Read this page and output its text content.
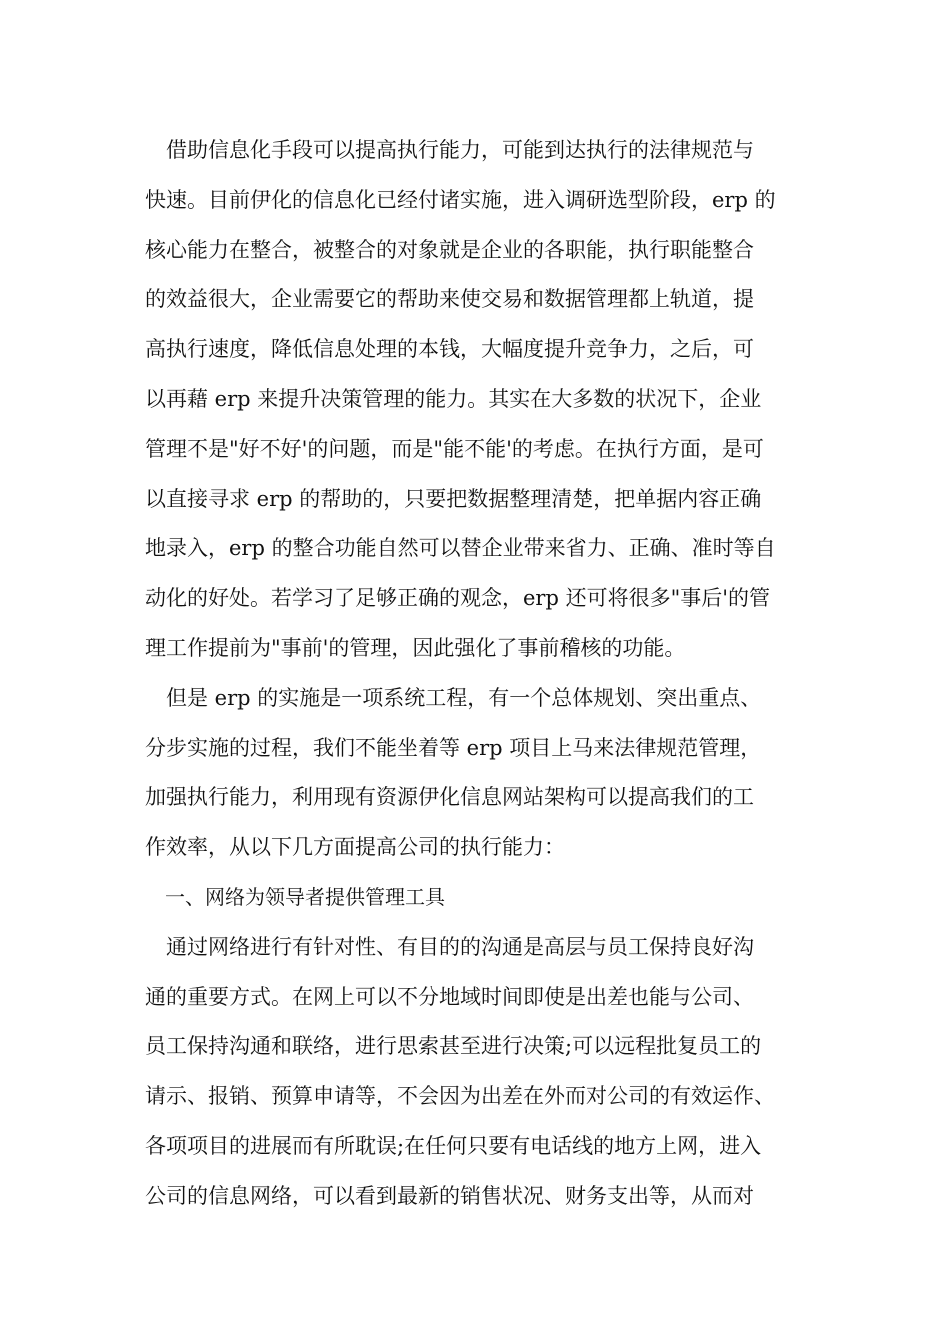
　借助信息化手段可以提高执行能力，可能到达执行的法律规范与
快速。目前伊化的信息化已经付诸实施，进入调研选型阶段，erp 的
核心能力在整合，被整合的对象就是企业的各职能，执行职能整合
的效益很大，企业需要它的帮助来使交易和数据管理都上轨道，提
高执行速度，降低信息处理的本钱，大幅度提升竞争力，之后，可
以再藉 erp 来提升决策管理的能力。其实在大多数的状况下，企业
管理不是"好不好'的问题，而是"能不能'的考虑。在执行方面，是可
以直接寻求 erp 的帮助的，只要把数据整理清楚，把单据内容正确
地录入，erp 的整合功能自然可以替企业带来省力、正确、准时等自
动化的好处。若学习了足够正确的观念，erp 还可将很多"事后'的管
理工作提前为"事前'的管理，因此强化了事前稽核的功能。
　但是 erp 的实施是一项系统工程，有一个总体规划、突出重点、
分步实施的过程，我们不能坐着等 erp 项目上马来法律规范管理，
加强执行能力，利用现有资源伊化信息网站架构可以提高我们的工
作效率，从以下几方面提高公司的执行能力：
　一、网络为领导者提供管理工具
　通过网络进行有针对性、有目的的沟通是高层与员工保持良好沟
通的重要方式。在网上可以不分地域时间即使是出差也能与公司、
员工保持沟通和联络，进行思索甚至进行决策;可以远程批复员工的
请示、报销、预算申请等，不会因为出差在外而对公司的有效运作、
各项项目的进展而有所耽误;在任何只要有电话线的地方上网，进入
公司的信息网络，可以看到最新的销售状况、财务支出等，从而对
